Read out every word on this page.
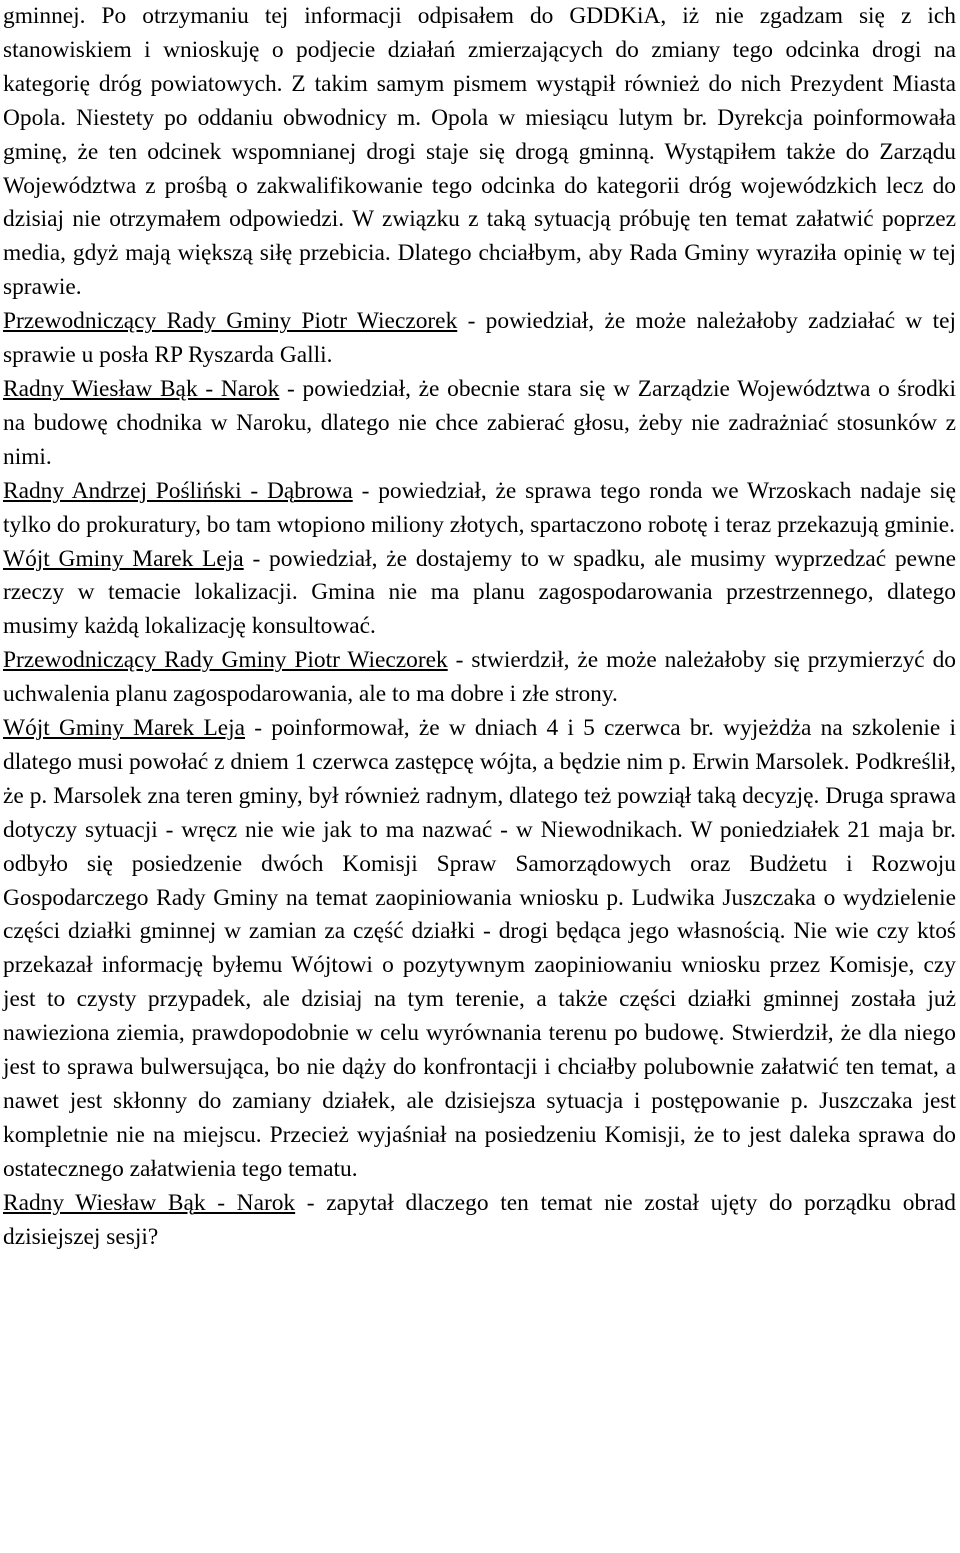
gminnej. Po otrzymaniu tej informacji odpisałem do GDDKiA, iż nie zgadzam się z ich stanowiskiem i wnioskuję o podjecie działań zmierzających do zmiany tego odcinka drogi na kategorię dróg powiatowych. Z takim samym pismem wystąpił również do nich Prezydent Miasta Opola. Niestety po oddaniu obwodnicy m. Opola w miesiącu lutym br. Dyrekcja poinformowała gminę, że ten odcinek wspomnianej drogi staje się drogą gminną. Wystąpiłem także do Zarządu Województwa z prośbą o zakwalifikowanie tego odcinka do kategorii dróg wojewódzkich lecz do dzisiaj nie otrzymałem odpowiedzi. W związku z taką sytuacją próbuję ten temat załatwić poprzez media, gdyż mają większą siłę przebicia. Dlatego chciałbym, aby Rada Gminy wyraziła opinię w tej sprawie.

Przewodniczący Rady Gminy Piotr Wieczorek - powiedział, że może należałoby zadziałać w tej sprawie u posła RP Ryszarda Galli.

Radny Wiesław Bąk - Narok - powiedział, że obecnie stara się w Zarządzie Województwa o środki na budowę chodnika w Naroku, dlatego nie chce zabierać głosu, żeby nie zadrażniać stosunków z nimi.

Radny Andrzej Pośliński - Dąbrowa - powiedział, że sprawa tego ronda we Wrzoskach nadaje się tylko do prokuratury, bo tam wtopiono miliony złotych, spartaczono robotę i teraz przekazują gminie.

Wójt Gminy Marek Leja - powiedział, że dostajemy to w spadku, ale musimy wyprzedzać pewne rzeczy w temacie lokalizacji. Gmina nie ma planu zagospodarowania przestrzennego, dlatego musimy każdą lokalizację konsultować.

Przewodniczący Rady Gminy Piotr Wieczorek - stwierdził, że może należałoby się przymierzyć do uchwalenia planu zagospodarowania, ale to ma dobre i złe strony.

Wójt Gminy Marek Leja - poinformował, że w dniach 4 i 5 czerwca br. wyjeżdża na szkolenie i dlatego musi powołać z dniem 1 czerwca zastępcę wójta, a będzie nim p. Erwin Marsolek. Podkreślił, że p. Marsolek zna teren gminy, był również radnym, dlatego też powziął taką decyzję. Druga sprawa dotyczy sytuacji - wręcz nie wie jak to ma nazwać - w Niewodnikach. W poniedziałek 21 maja br. odbyło się posiedzenie dwóch Komisji Spraw Samorządowych oraz Budżetu i Rozwoju Gospodarczego Rady Gminy na temat zaopiniowania wniosku p. Ludwika Juszczaka o wydzielenie części działki gminnej w zamian za część działki - drogi będąca jego własnością. Nie wie czy ktoś przekazał informację byłemu Wójtowi o pozytywnym zaopiniowaniu wniosku przez Komisje, czy jest to czysty przypadek, ale dzisiaj na tym terenie, a także części działki gminnej została już nawieziona ziemia, prawdopodobnie w celu wyrównania terenu po budowę. Stwierdził, że dla niego jest to sprawa bulwersująca, bo nie dąży do konfrontacji i chciałby polubownie załatwić ten temat, a nawet jest skłonny do zamiany działek, ale dzisiejsza sytuacja i postępowanie p. Juszczaka jest kompletnie nie na miejscu. Przecież wyjaśniał na posiedzeniu Komisji, że to jest daleka sprawa do ostatecznego załatwienia tego tematu.

Radny Wiesław Bąk - Narok - zapytał dlaczego ten temat nie został ujęty do porządku obrad dzisiejszej sesji?
